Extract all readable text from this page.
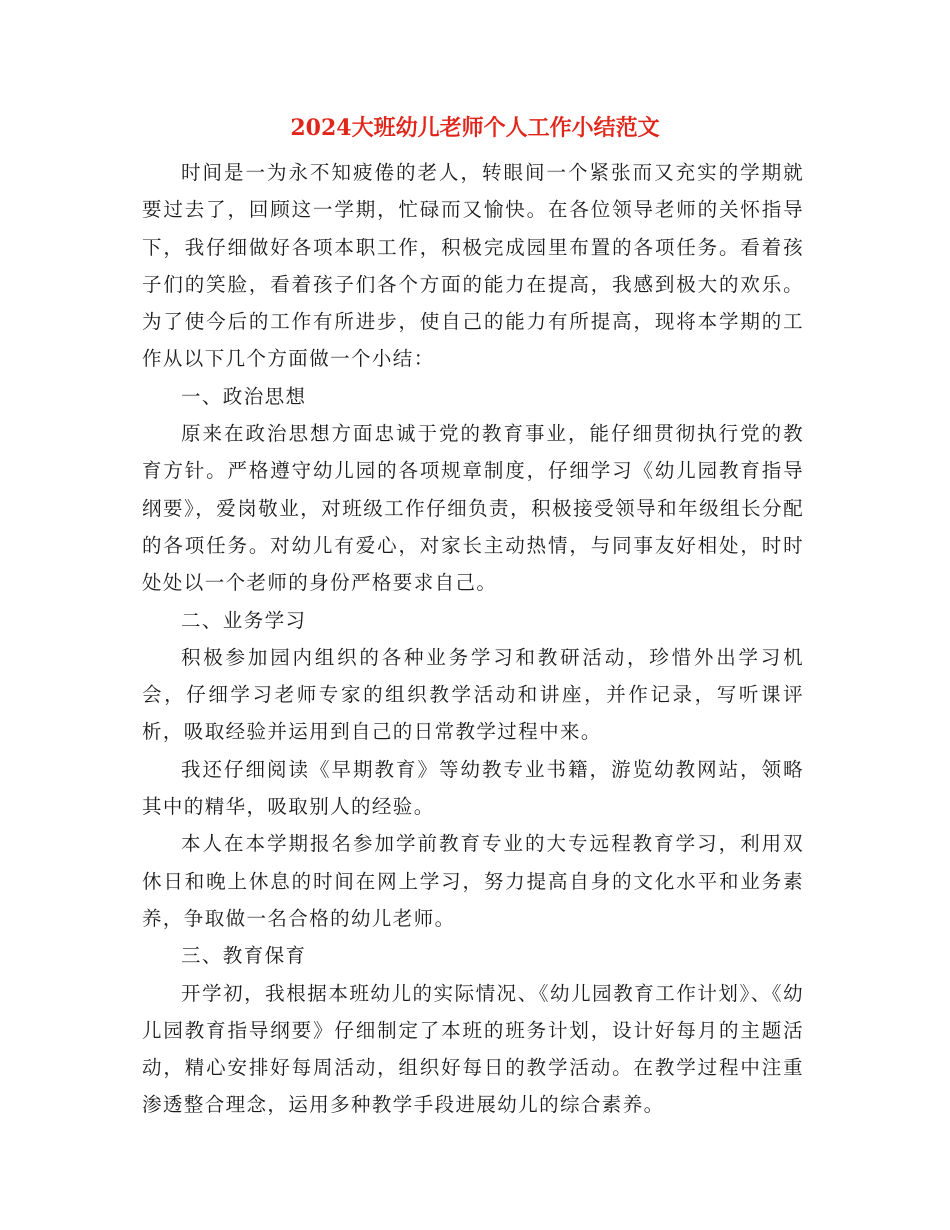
2024大班幼儿老师个人工作小结范文

时间是一为永不知疲倦的老人，转眼间一个紧张而又充实的学期就要过去了，回顾这一学期，忙碌而又愉快。在各位领导老师的关怀指导下，我仔细做好各项本职工作，积极完成园里布置的各项任务。看着孩子们的笑脸，看着孩子们各个方面的能力在提高，我感到极大的欢乐。为了使今后的工作有所进步，使自己的能力有所提高，现将本学期的工作从以下几个方面做一个小结：

一、政治思想

原来在政治思想方面忠诚于党的教育事业，能仔细贯彻执行党的教育方针。严格遵守幼儿园的各项规章制度，仔细学习《幼儿园教育指导纲要》，爱岗敬业，对班级工作仔细负责，积极接受领导和年级组长分配的各项任务。对幼儿有爱心，对家长主动热情，与同事友好相处，时时处处以一个老师的身份严格要求自己。

二、业务学习

积极参加园内组织的各种业务学习和教研活动，珍惜外出学习机会，仔细学习老师专家的组织教学活动和讲座，并作记录，写听课评析，吸取经验并运用到自己的日常教学过程中来。

我还仔细阅读《早期教育》等幼教专业书籍，游览幼教网站，领略其中的精华，吸取别人的经验。

本人在本学期报名参加学前教育专业的大专远程教育学习，利用双休日和晚上休息的时间在网上学习，努力提高自身的文化水平和业务素养，争取做一名合格的幼儿老师。

三、教育保育

开学初，我根据本班幼儿的实际情况、《幼儿园教育工作计划》、《幼儿园教育指导纲要》仔细制定了本班的班务计划，设计好每月的主题活动，精心安排好每周活动，组织好每日的教学活动。在教学过程中注重渗透整合理念，运用多种教学手段进展幼儿的综合素养。
